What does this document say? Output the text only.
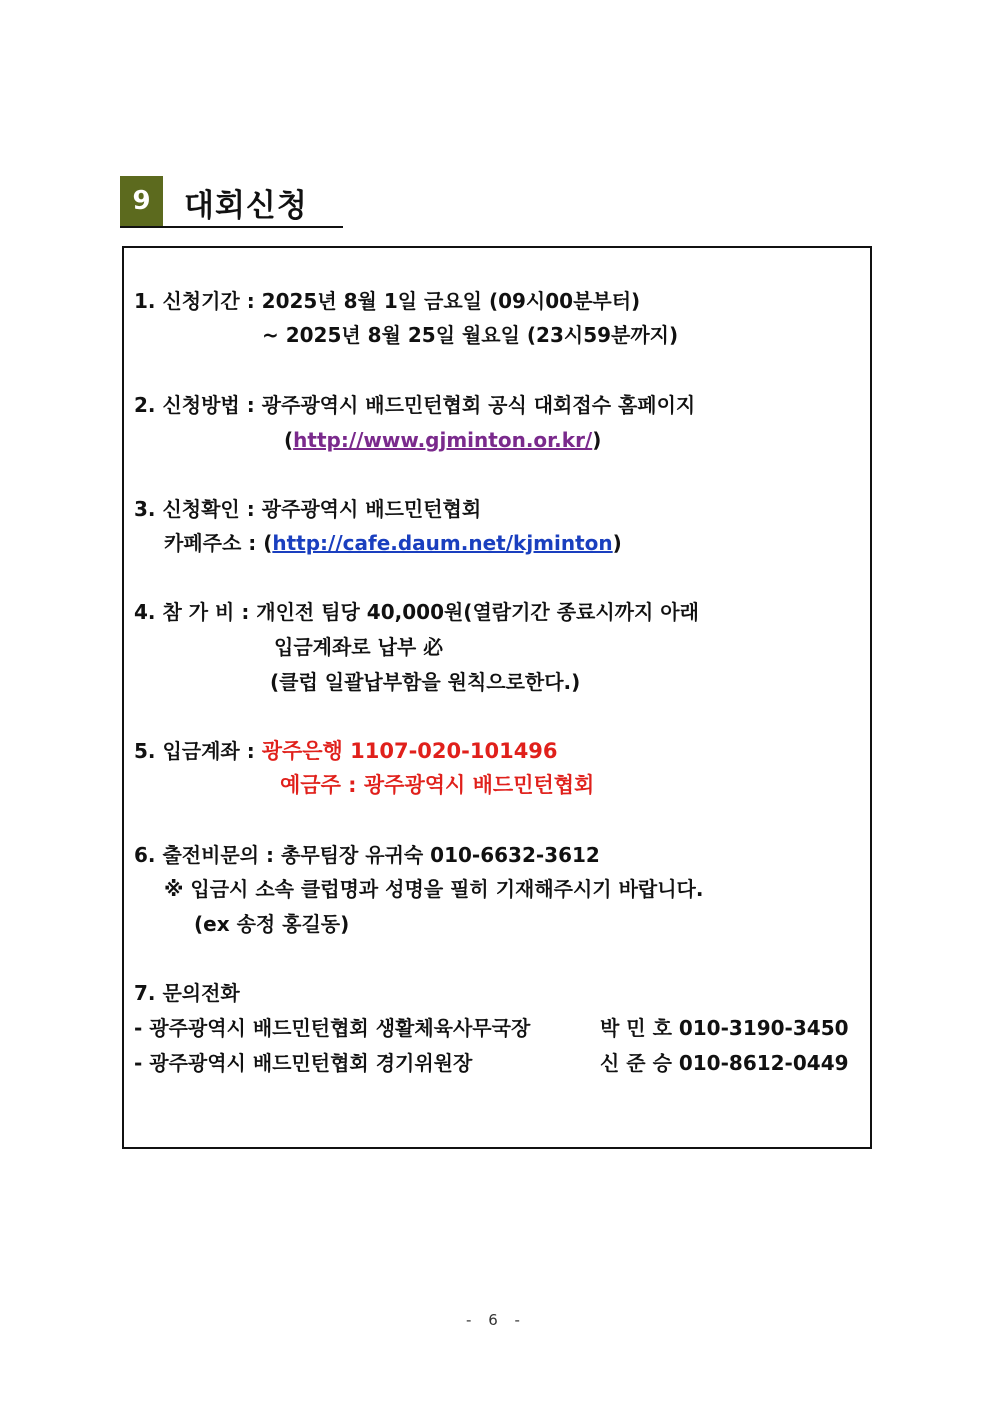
9	대회신청
1. 신청기간 : 2025년 8월 1일 금요일 (09시00분부터)
~ 2025년 8월 25일 월요일 (23시59분까지)
2. 신청방법 : 광주광역시 배드민턴협회 공식 대회접수 홈페이지
(http://www.gjminton.or.kr/)
3. 신청확인 : 광주광역시 배드민턴협회
카페주소 : (http://cafe.daum.net/kjminton)
4. 참 가 비 : 개인전 팀당 40,000원(열람기간 종료시까지 아래
입금계좌로 납부 必
(클럽 일괄납부함을 원칙으로한다.)
5. 입금계좌 : 광주은행 1107-020-101496
예금주 : 광주광역시 배드민턴협회
6. 출전비문의 : 총무팀장 유귀숙 010-6632-3612
※ 입금시 소속 클럽명과 성명을 필히 기재해주시기 바랍니다.
(ex 송정 홍길동)
7. 문의전화
- 광주광역시 배드민턴협회 생활체육사무국장	박 민 호 010-3190-3450
- 광주광역시 배드민턴협회 경기위원장	신 준 승 010-8612-0449
- 6 -
